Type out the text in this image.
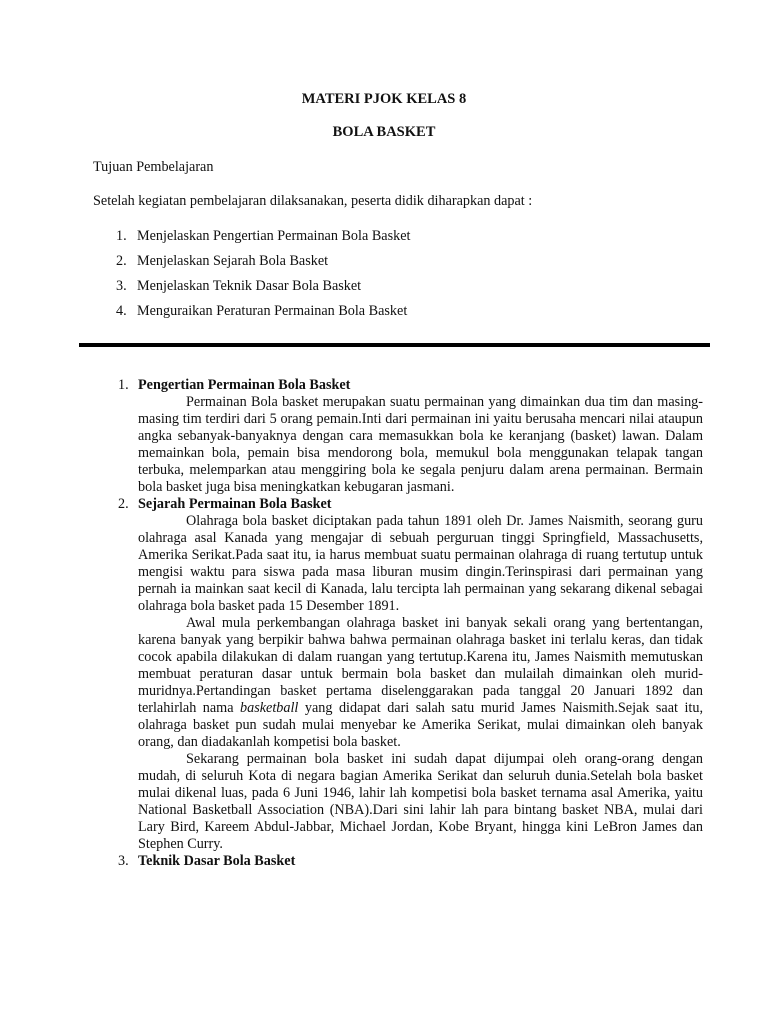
MATERI PJOK KELAS 8
BOLA BASKET
Tujuan Pembelajaran
Setelah kegiatan pembelajaran dilaksanakan, peserta didik diharapkan dapat :
1. Menjelaskan Pengertian Permainan Bola Basket
2. Menjelaskan Sejarah Bola Basket
3. Menjelaskan Teknik Dasar Bola Basket
4. Menguraikan Peraturan Permainan Bola Basket
1. Pengertian Permainan Bola Basket

Permainan Bola basket merupakan suatu permainan yang dimainkan dua tim dan masing-masing tim terdiri dari 5 orang pemain.Inti dari permainan ini yaitu berusaha mencari nilai ataupun angka sebanyak-banyaknya dengan cara memasukkan bola ke keranjang (basket) lawan. Dalam memainkan bola, pemain bisa mendorong bola, memukul bola menggunakan telapak tangan terbuka, melemparkan atau menggiring bola ke segala penjuru dalam arena permainan. Bermain bola basket juga bisa meningkatkan kebugaran jasmani.

2. Sejarah Permainan Bola Basket

Olahraga bola basket diciptakan pada tahun 1891 oleh Dr. James Naismith, seorang guru olahraga asal Kanada yang mengajar di sebuah perguruan tinggi Springfield, Massachusetts, Amerika Serikat.Pada saat itu, ia harus membuat suatu permainan olahraga di ruang tertutup untuk mengisi waktu para siswa pada masa liburan musim dingin.Terinspirasi dari permainan yang pernah ia mainkan saat kecil di Kanada, lalu tercipta lah permainan yang sekarang dikenal sebagai olahraga bola basket pada 15 Desember 1891.

Awal mula perkembangan olahraga basket ini banyak sekali orang yang bertentangan, karena banyak yang berpikir bahwa bahwa permainan olahraga basket ini terlalu keras, dan tidak cocok apabila dilakukan di dalam ruangan yang tertutup.Karena itu, James Naismith memutuskan membuat peraturan dasar untuk bermain bola basket dan mulailah dimainkan oleh murid-muridnya.Pertandingan basket pertama diselenggarakan pada tanggal 20 Januari 1892 dan terlahirlah nama basketball yang didapat dari salah satu murid James Naismith.Sejak saat itu, olahraga basket pun sudah mulai menyebar ke Amerika Serikat, mulai dimainkan oleh banyak orang, dan diadakanlah kompetisi bola basket.

Sekarang permainan bola basket ini sudah dapat dijumpai oleh orang-orang dengan mudah, di seluruh Kota di negara bagian Amerika Serikat dan seluruh dunia.Setelah bola basket mulai dikenal luas, pada 6 Juni 1946, lahir lah kompetisi bola basket ternama asal Amerika, yaitu National Basketball Association (NBA).Dari sini lahir lah para bintang basket NBA, mulai dari Lary Bird, Kareem Abdul-Jabbar, Michael Jordan, Kobe Bryant, hingga kini LeBron James dan Stephen Curry.

3. Teknik Dasar Bola Basket
